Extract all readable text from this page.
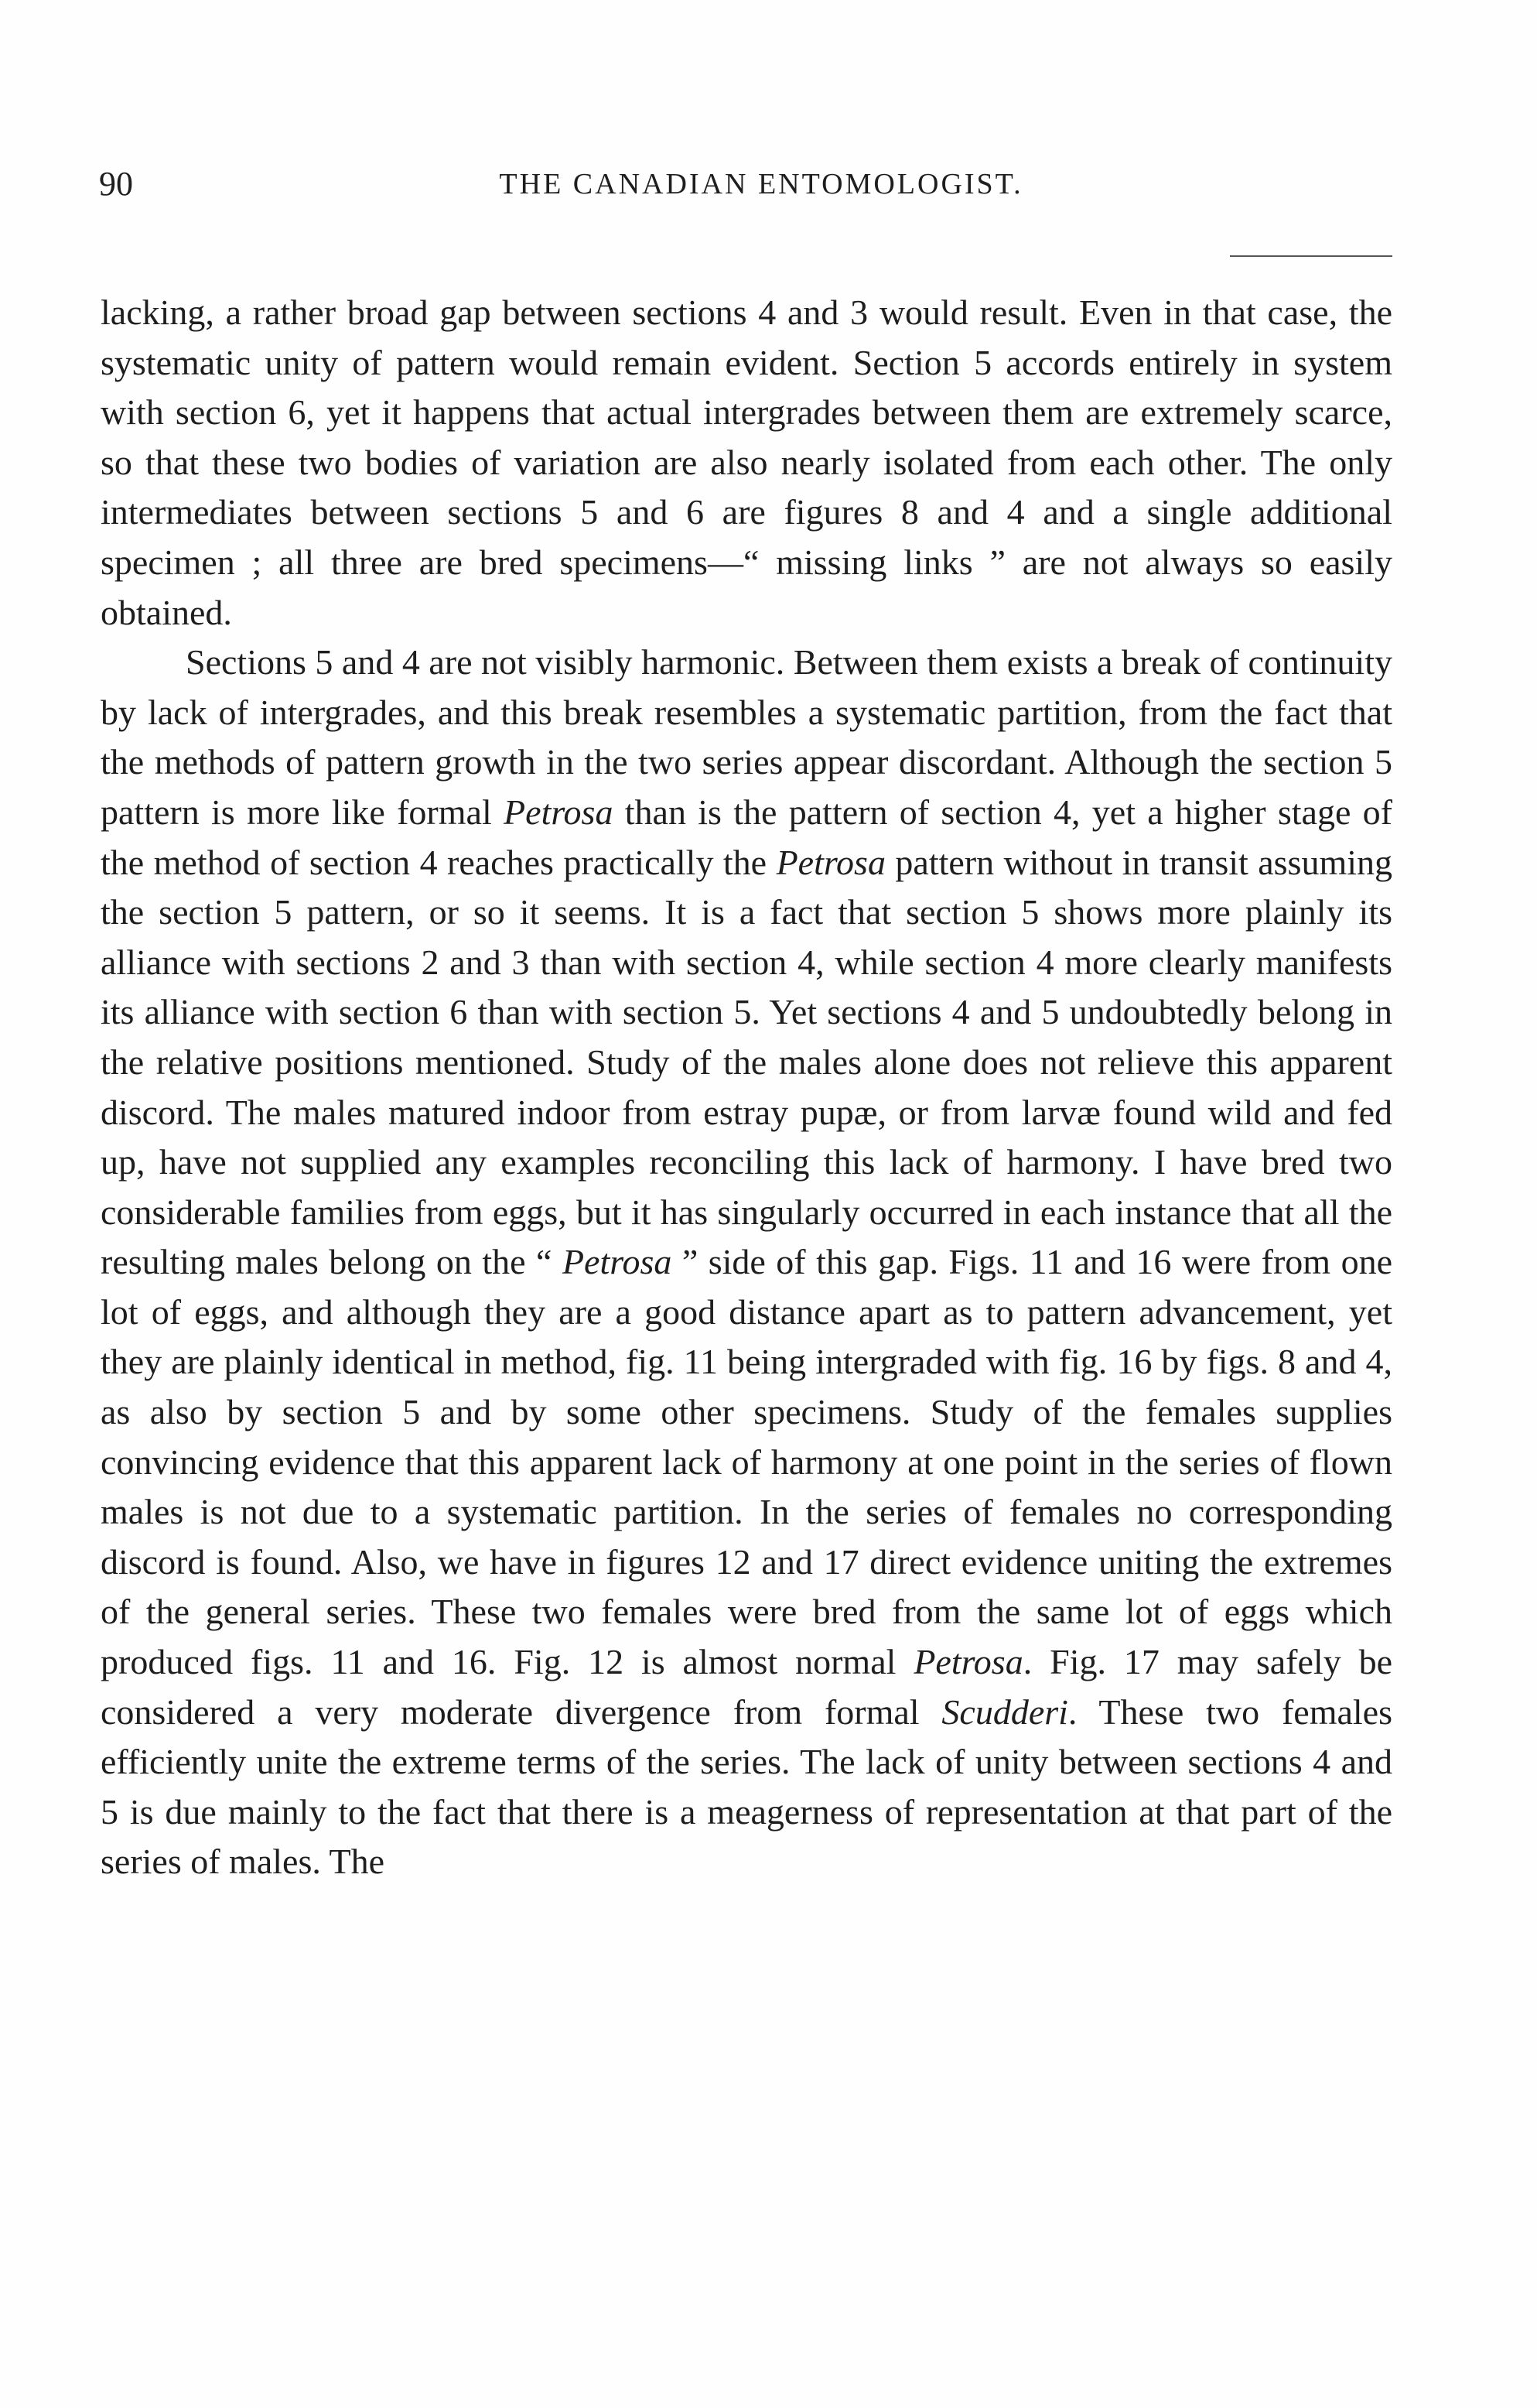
90	THE CANADIAN ENTOMOLOGIST.

lacking, a rather broad gap between sections 4 and 3 would result. Even in that case, the systematic unity of pattern would remain evident. Section 5 accords entirely in system with section 6, yet it happens that actual intergrades between them are extremely scarce, so that these two bodies of variation are also nearly isolated from each other. The only intermediates between sections 5 and 6 are figures 8 and 4 and a single additional specimen ; all three are bred specimens—“ missing links ” are not always so easily obtained.

Sections 5 and 4 are not visibly harmonic. Between them exists a break of continuity by lack of intergrades, and this break resembles a systematic partition, from the fact that the methods of pattern growth in the two series appear discordant. Although the section 5 pattern is more like formal Petrosa than is the pattern of section 4, yet a higher stage of the method of section 4 reaches practically the Petrosa pattern without in transit assuming the section 5 pattern, or so it seems. It is a fact that section 5 shows more plainly its alliance with sections 2 and 3 than with section 4, while section 4 more clearly manifests its alliance with section 6 than with section 5. Yet sections 4 and 5 undoubtedly belong in the relative positions mentioned. Study of the males alone does not relieve this apparent discord. The males matured indoor from estray pupæ, or from larvæ found wild and fed up, have not supplied any examples reconciling this lack of harmony. I have bred two considerable families from eggs, but it has singularly occurred in each instance that all the resulting males belong on the “ Petrosa ” side of this gap. Figs. 11 and 16 were from one lot of eggs, and although they are a good distance apart as to pattern advancement, yet they are plainly identical in method, fig. 11 being intergraded with fig. 16 by figs. 8 and 4, as also by section 5 and by some other specimens. Study of the females supplies convincing evidence that this apparent lack of harmony at one point in the series of flown males is not due to a systematic partition. In the series of females no corresponding discord is found. Also, we have in figures 12 and 17 direct evidence uniting the extremes of the general series. These two females were bred from the same lot of eggs which produced figs. 11 and 16. Fig. 12 is almost normal Petrosa. Fig. 17 may safely be considered a very moderate divergence from formal Scudderi. These two females efficiently unite the extreme terms of the series. The lack of unity between sections 4 and 5 is due mainly to the fact that there is a meagerness of representation at that part of the series of males. The
